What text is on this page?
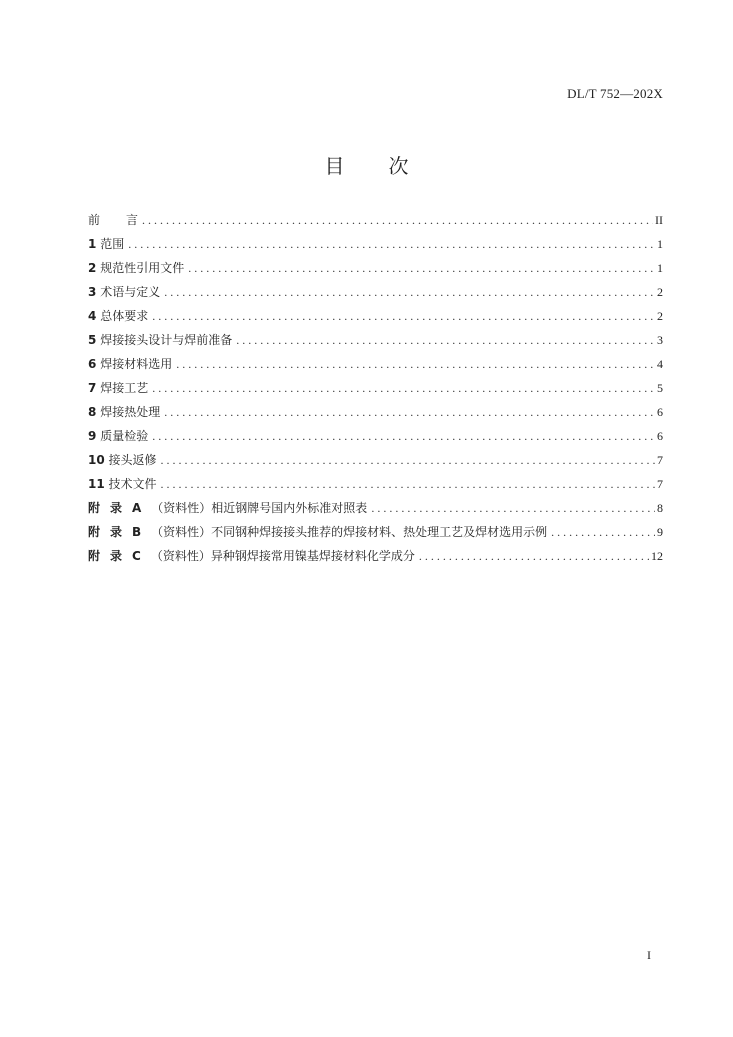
DL/T 752—202X
目次
前 言 .....	II
1 范围 .....	1
2 规范性引用文件 .....	1
3 术语与定义 .....	2
4 总体要求 .....	2
5 焊接接头设计与焊前准备 .....	3
6 焊接材料选用 .....	4
7 焊接工艺 .....	5
8 焊接热处理 .....	6
9 质量检验 .....	6
10 接头返修 .....	7
11 技术文件 .....	7
附录A（资料性）相近钢牌号国内外标准对照表 .....	8
附录B（资料性）不同钢种焊接接头推荐的焊接材料、热处理工艺及焊材选用示例 .....	9
附录C（资料性）异种钢焊接常用镍基焊接材料化学成分 .....	12
I
